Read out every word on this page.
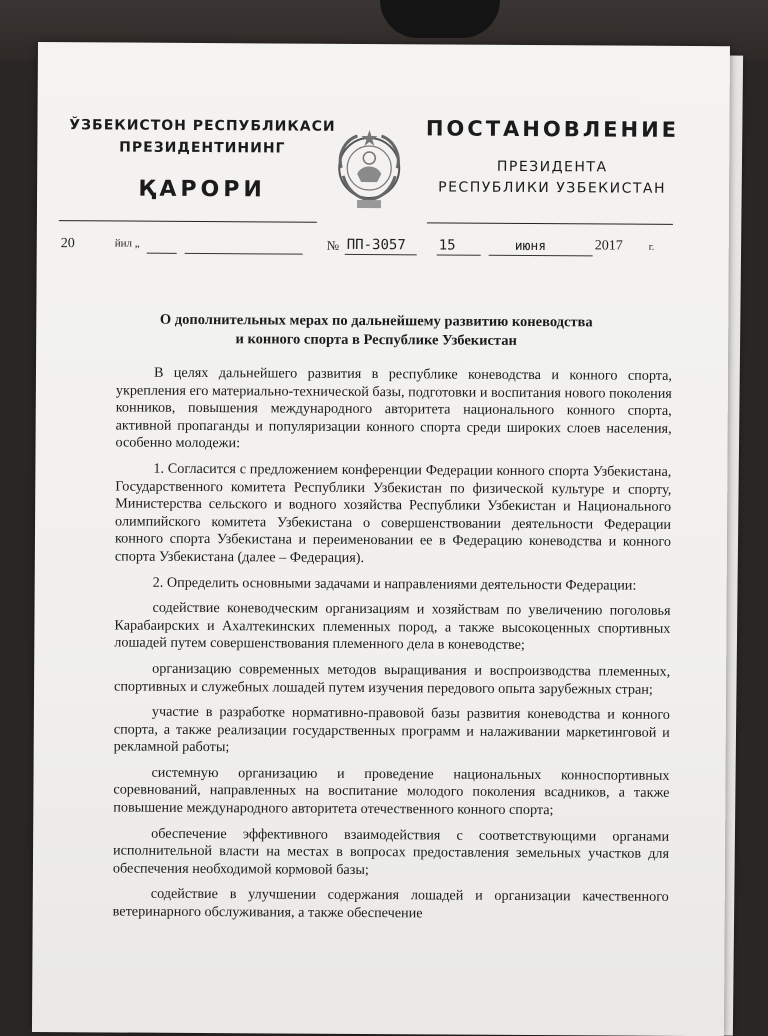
ЎЗБЕКИСТОН РЕСПУБЛИКАСИ
ПРЕЗИДЕНТИНИНГ
ҚАРОРИ
ПОСТАНОВЛЕНИЕ
ПРЕЗИДЕНТА
РЕСПУБЛИКИ УЗБЕКИСТАН
20	йил „	№ ПП-3057 15	июня	2017	г.
О дополнительных мерах по дальнейшему развитию коневодства
и конного спорта в Республике Узбекистан

В целях дальнейшего развития в республике коневодства и конного спорта, укрепления его материально-технической базы, подготовки и воспитания нового поколения конников, повышения международного авторитета национального конного спорта, активной пропаганды и популяризации конного спорта среди широких слоев населения, особенно молодежи:

1. Согласится с предложением конференции Федерации конного спорта Узбекистана, Государственного комитета Республики Узбекистан по физической культуре и спорту, Министерства сельского и водного хозяйства Республики Узбекистан и Национального олимпийского комитета Узбекистана о совершенствовании деятельности Федерации конного спорта Узбекистана и переименовании ее в Федерацию коневодства и конного спорта Узбекистана (далее – Федерация).

2. Определить основными задачами и направлениями деятельности Федерации:

содействие коневодческим организациям и хозяйствам по увеличению поголовья Карабаирских и Ахалтекинских племенных пород, а также высокоценных спортивных лошадей путем совершенствования племенного дела в коневодстве;

организацию современных методов выращивания и воспроизводства племенных, спортивных и служебных лошадей путем изучения передового опыта зарубежных стран;

участие в разработке нормативно-правовой базы развития коневодства и конного спорта, а также реализации государственных программ и налаживании маркетинговой и рекламной работы;

системную организацию и проведение национальных конноспортивных соревнований, направленных на воспитание молодого поколения всадников, а также повышение международного авторитета отечественного конного спорта;

обеспечение эффективного взаимодействия с соответствующими органами исполнительной власти на местах в вопросах предоставления земельных участков для обеспечения необходимой кормовой базы;

содействие в улучшении содержания лошадей и организации качественного ветеринарного обслуживания, а также обеспечение
